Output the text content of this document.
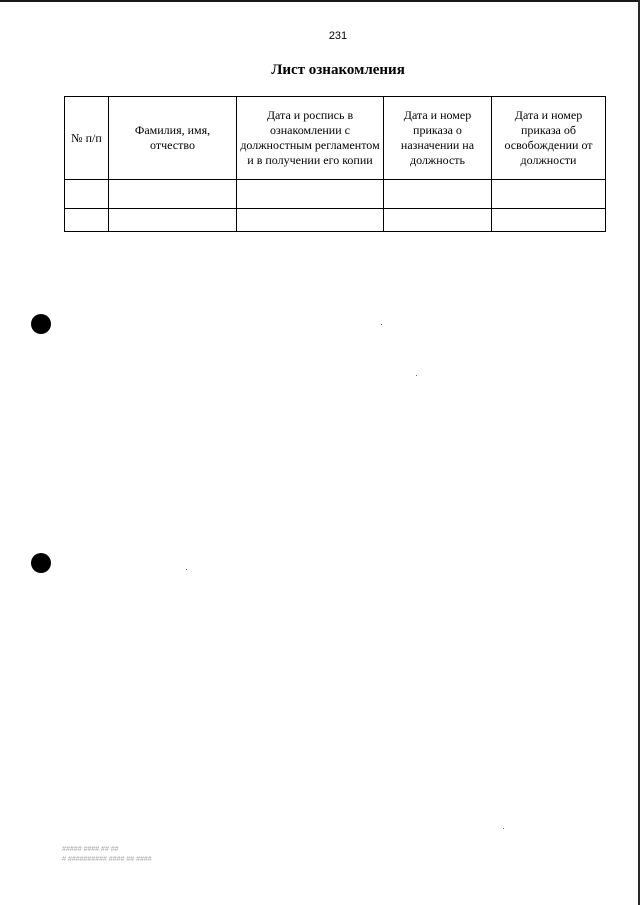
231
Лист ознакомления
№ п/п	Фамилия, имя, отчество	Дата и роспись в ознакомлении с должностным регламентом и в получении его копии	Дата и номер приказа о назначении на должность	Дата и номер приказа об освобождении от должности

##### #### ## ##
# ########## #### ## ####
